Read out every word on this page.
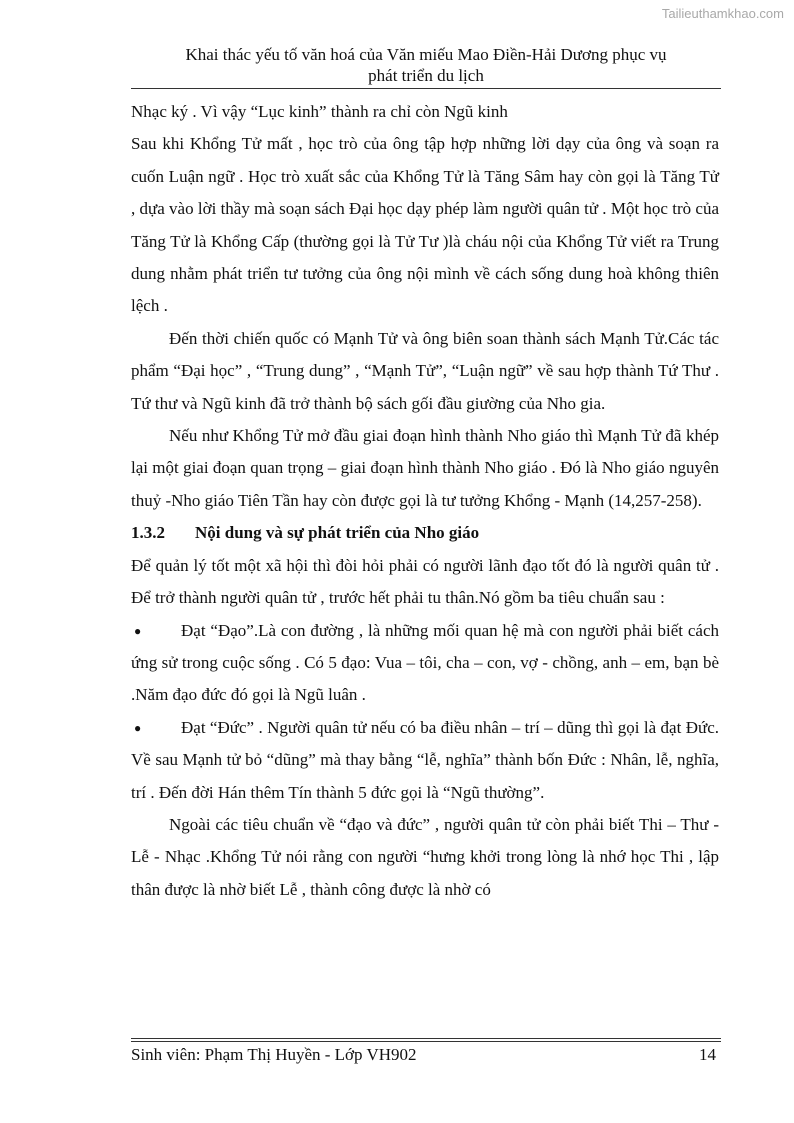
Tailieuthamkhao.com
Khai thác yếu tố văn hoá của Văn miếu Mao Điền-Hải Dương phục vụ
phát triển du lịch

Nhạc ký . Vì vậy “Lục kinh” thành ra chỉ còn Ngũ kinh

Sau khi Khổng Tử mất , học trò của ông tập hợp những lời dạy của ông và soạn ra cuốn Luận ngữ . Học trò xuất sắc của Khổng Tử là Tăng Sâm hay còn gọi là Tăng Tử , dựa vào lời thầy mà soạn sách Đại học dạy phép làm người quân tử . Một học trò của Tăng Tử là Khổng Cấp (thường gọi là Tử Tư )là cháu nội của Khổng Tử viết ra Trung dung nhằm phát triển tư tưởng của ông nội mình về cách sống dung hoà không thiên lệch .

Đến thời chiến quốc có Mạnh Tử và ông biên soan thành sách Mạnh Tử.Các tác phẩm “Đại học” , “Trung dung” , “Mạnh Tử”, “Luận ngữ” về sau hợp thành Tứ Thư . Tứ thư và Ngũ kinh đã trở thành bộ sách gối đầu giường của Nho gia.

Nếu như Khổng Tử mở đầu giai đoạn hình thành Nho giáo thì Mạnh Tử đã khép lại một giai đoạn quan trọng – giai đoạn hình thành Nho giáo . Đó là Nho giáo nguyên thuỷ -Nho giáo Tiên Tần hay còn được gọi là tư tưởng Khổng - Mạnh (14,257-258).

1.3.2 Nội dung và sự phát triển của Nho giáo

Để quản lý tốt một xã hội thì đòi hỏi phải có người lãnh đạo tốt đó là người quân tử . Để trở thành người quân tử , trước hết phải tu thân.Nó gồm ba tiêu chuẩn sau :

● Đạt “Đạo”.Là con đường , là những mối quan hệ mà con người phải biết cách ứng sử trong cuộc sống . Có 5 đạo: Vua – tôi, cha – con, vợ - chồng, anh – em, bạn bè .Năm đạo đức đó gọi là Ngũ luân .

● Đạt “Đức” . Người quân tử nếu có ba điều nhân – trí – dũng thì gọi là đạt Đức. Về sau Mạnh tử bỏ “dũng” mà thay bằng “lễ, nghĩa” thành bốn Đức : Nhân, lễ, nghĩa, trí . Đến đời Hán thêm Tín thành 5 đức gọi là “Ngũ thường”.

Ngoài các tiêu chuẩn về “đạo và đức” , người quân tử còn phải biết Thi – Thư -Lễ - Nhạc .Khổng Tử nói rằng con người “hưng khởi trong lòng là nhớ học Thi , lập thân được là nhờ biết Lễ , thành công được là nhờ có

Sinh viên: Phạm Thị Huyền - Lớp VH902	14
